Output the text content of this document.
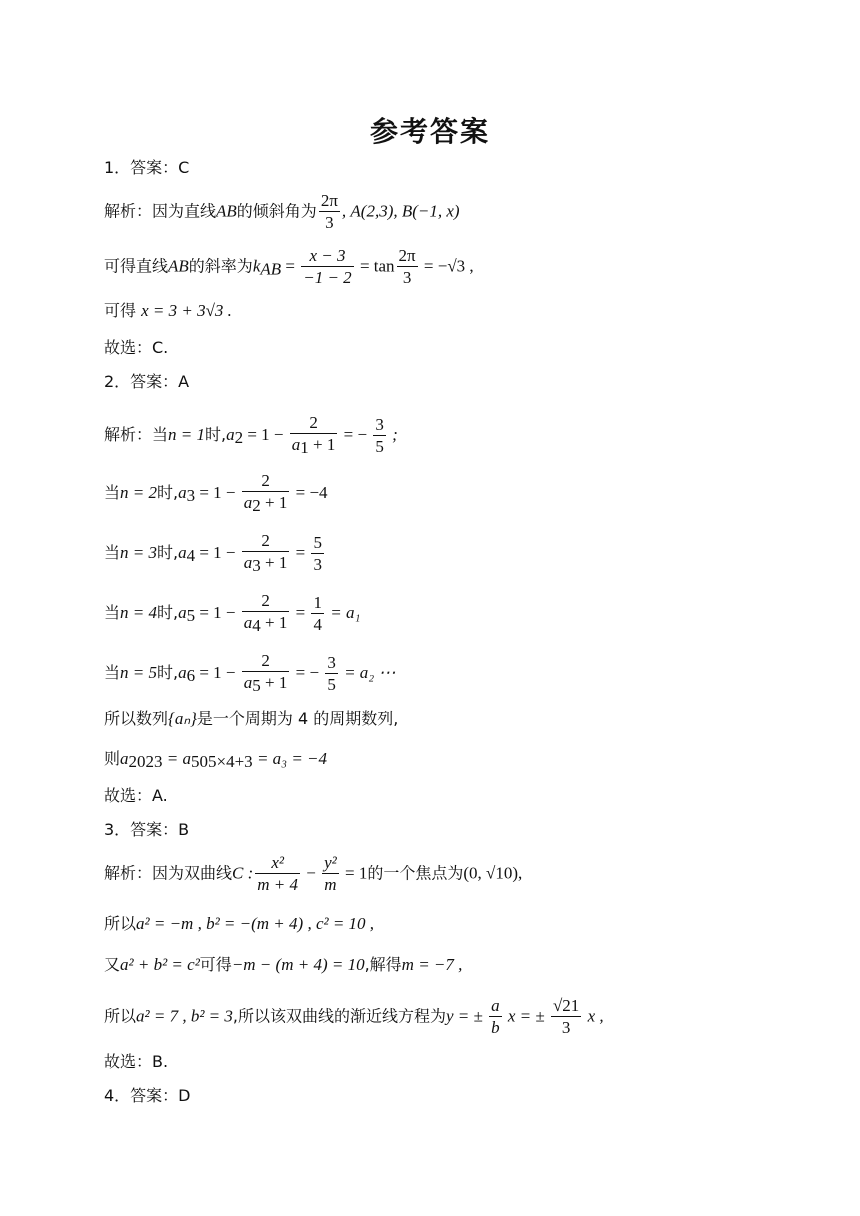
参考答案
1．答案：C
解析：因为直线AB的倾斜角为 $\frac{2\pi}{3}$ , A(2,3), B(−1, x)
可得直线AB的斜率为$k_{AB} = \frac{x - 3}{-1 - 2} = \tan \frac{2\pi}{3} = -√3$ ,
可得 x = 3 + 3√3 .
故选：C.
2．答案：A
解析：当n = 1时$,a_2 = 1 - \frac{2}{a_1 + 1}$ = − $\frac{3}{5}$ ;
当n = 2时$,a_3 = 1 - \frac{2}{a_2 + 1} = -4$
当n = 3时$,a_4 = 1 - \frac{2}{a_3 + 1} = \frac{5}{3}$
当n = 4时$,a_5 = 1 - \frac{2}{a_4 + 1} = \frac{1}{4} = a_1$
当n = 5时$,a_6 = 1 - \frac{2}{a_5 + 1}$ = − $\frac{3}{5} = a_2$ ⋯
所以数列{aₙ}是一个周期为 4 的周期数列,
则$a_{2023} = a_{505\times 4+3} = a_3 = -4$
故选：A.
3．答案：B
解析：因为双曲线C : $\frac{\text{x²}}{m + 4} - \frac{\text{y²}}{m} = 1$的一个焦点为(0, √10),
所以a² = −m , b² = −(m + 4) , c² = 10 ,
又a² + b² = c²可得−m − (m + 4) = 10,解得m = −7 ,
所以a² = 7 , b² = 3,所以该双曲线的渐近线方程为y = ± $\frac{a}{b}$ x = ± $\frac{√21}{3}$ x ,
故选：B.
4．答案：D
